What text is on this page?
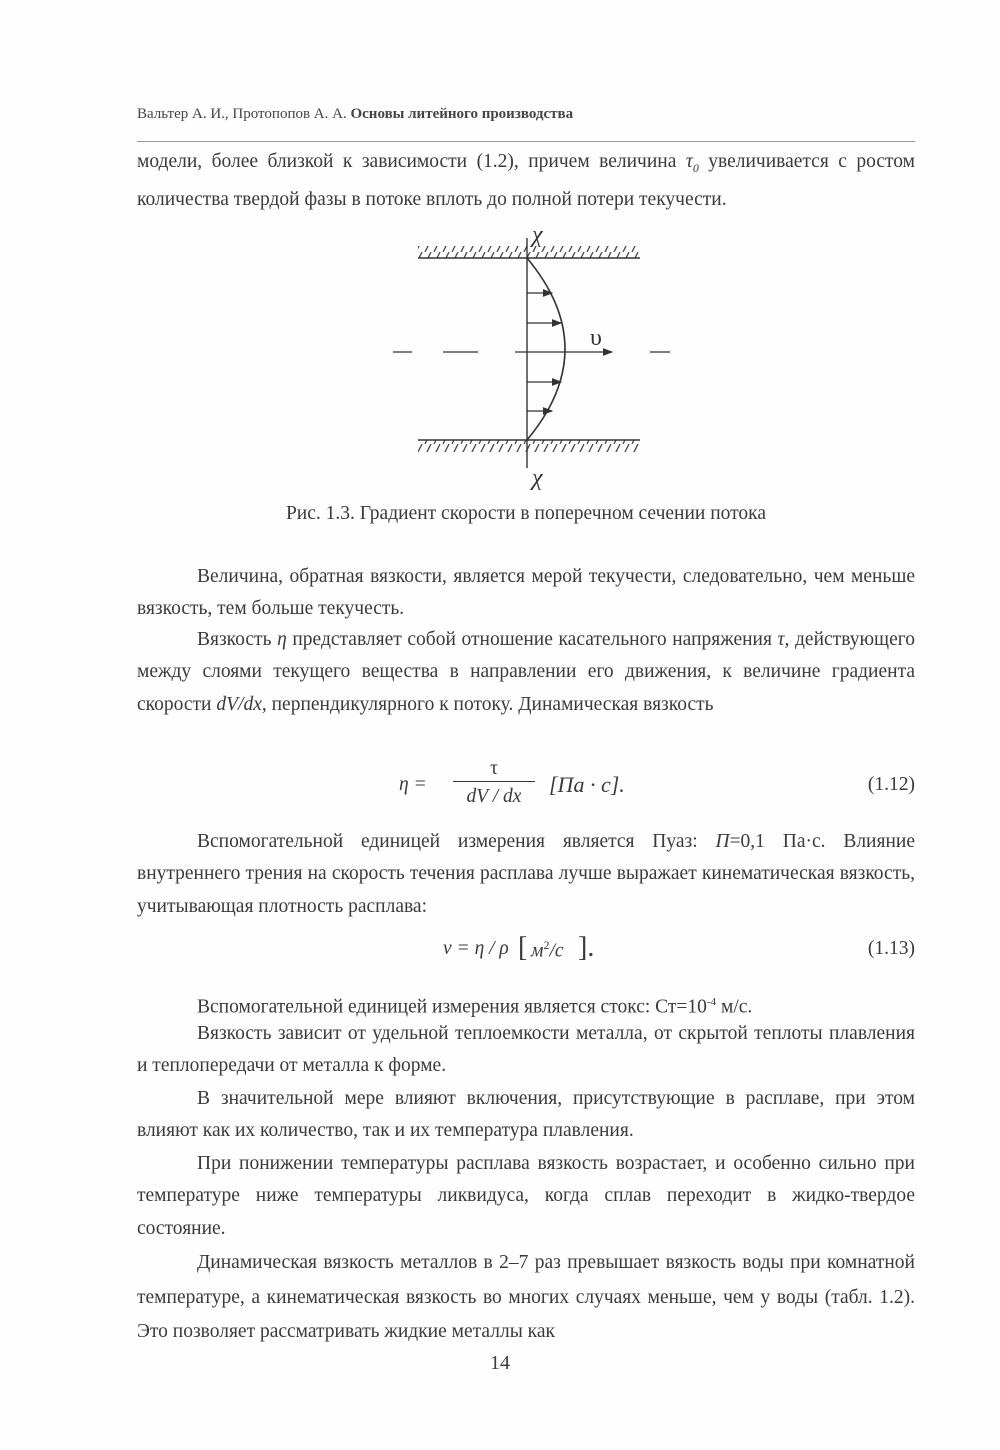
Вальтер А. И., Протопопов А. А. Основы литейного производства
модели, более близкой к зависимости (1.2), причем величина $\tau_0$ увеличивается с ростом количества твердой фазы в потоке вплоть до полной потери текучести.
χ
χ
υ
Рис. 1.3. Градиент скорости в поперечном сечении потока
Величина, обратная вязкости, является мерой текучести, следовательно, чем меньше вязкость, тем больше текучесть.
Вязкость η представляет собой отношение касательного напряжения τ, действующего между слоями текущего вещества в направлении его движения, к величине градиента скорости dV/dx, перпендикулярного к потоку. Динамическая вязкость
η =
τ
dV / dx	[Па · c].	(1.12)
Вспомогательной единицей измерения является Пуаз: П=0,1 Па·с. Влияние внутреннего трения на скорость течения расплава лучше выражает кинематическая вязкость, учитывающая плотность расплава:
ν = η / ρ [ $м^2/c$ ].	(1.13)
Вспомогательной единицей измерения является стокс: $Ст=10^{-4}$ м/с.
Вязкость зависит от удельной теплоемкости металла, от скрытой теплоты плавления и теплопередачи от металла к форме.
В значительной мере влияют включения, присутствующие в расплаве, при этом влияют как их количество, так и их температура плавления.
При понижении температуры расплава вязкость возрастает, и особенно сильно при температуре ниже температуры ликвидуса, когда сплав переходит в жидко-твердое состояние.
Динамическая вязкость металлов в 2–7 раз превышает вязкость воды при комнатной температуре, а кинематическая вязкость во многих случаях меньше, чем у воды (табл. 1.2). Это позволяет рассматривать жидкие металлы как
14
